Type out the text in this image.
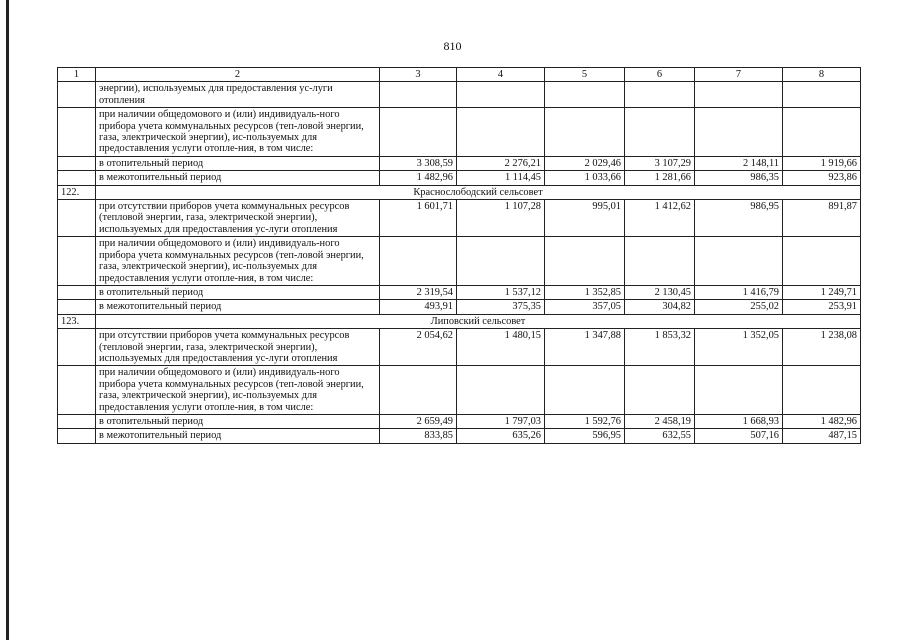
810
1	2	3	4	5	6	7	8
	энергии), используемых для предоставления ус-луги отопления						
	при наличии общедомового и (или) индивидуаль-ного прибора учета коммунальных ресурсов (теп-ловой энергии, газа, электрической энергии), ис-пользуемых для предоставления услуги отопле-ния, в том числе:						
	в отопительный период	3 308,59	2 276,21	2 029,46	3 107,29	2 148,11	1 919,66
	в межотопительный период	1 482,96	1 114,45	1 033,66	1 281,66	986,35	923,86
122.	Краснослободский сельсовет						
	при отсутствии приборов учета коммунальных ресурсов (тепловой энергии, газа, электрической энергии), используемых для предоставления ус-луги отопления	1 601,71	1 107,28	995,01	1 412,62	986,95	891,87
	при наличии общедомового и (или) индивидуаль-ного прибора учета коммунальных ресурсов (теп-ловой энергии, газа, электрической энергии), ис-пользуемых для предоставления услуги отопле-ния, в том числе:						
	в отопительный период	2 319,54	1 537,12	1 352,85	2 130,45	1 416,79	1 249,71
	в межотопительный период	493,91	375,35	357,05	304,82	255,02	253,91
123.	Липовский сельсовет						
	при отсутствии приборов учета коммунальных ресурсов (тепловой энергии, газа, электрической энергии), используемых для предоставления ус-луги отопления	2 054,62	1 480,15	1 347,88	1 853,32	1 352,05	1 238,08
	при наличии общедомового и (или) индивидуаль-ного прибора учета коммунальных ресурсов (теп-ловой энергии, газа, электрической энергии), ис-пользуемых для предоставления услуги отопле-ния, в том числе:						
	в отопительный период	2 659,49	1 797,03	1 592,76	2 458,19	1 668,93	1 482,96
	в межотопительный период	833,85	635,26	596,95	632,55	507,16	487,15
